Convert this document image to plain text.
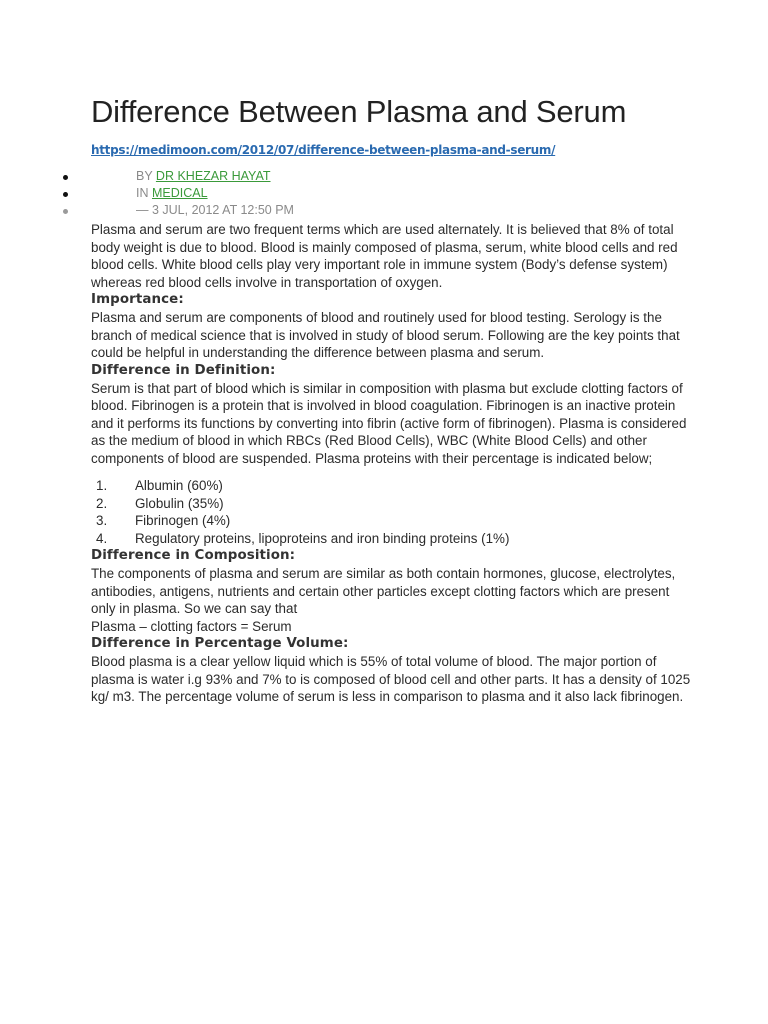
Difference Between Plasma and Serum
https://medimoon.com/2012/07/difference-between-plasma-and-serum/
BY DR KHEZAR HAYAT
IN MEDICAL
— 3 JUL, 2012 AT 12:50 PM

Plasma and serum are two frequent terms which are used alternately. It is believed that 8% of total body weight is due to blood. Blood is mainly composed of plasma, serum, white blood cells and red blood cells. White blood cells play very important role in immune system (Body’s defense system) whereas red blood cells involve in transportation of oxygen.

Importance:

Plasma and serum are components of blood and routinely used for blood testing. Serology is the branch of medical science that is involved in study of blood serum. Following are the key points that could be helpful in understanding the difference between plasma and serum.

Difference in Definition:

Serum is that part of blood which is similar in composition with plasma but exclude clotting factors of blood. Fibrinogen is a protein that is involved in blood coagulation. Fibrinogen is an inactive protein and it performs its functions by converting into fibrin (active form of fibrinogen). Plasma is considered as the medium of blood in which RBCs (Red Blood Cells), WBC (White Blood Cells) and other components of blood are suspended. Plasma proteins with their percentage is indicated below;

1. Albumin (60%)
2. Globulin (35%)
3. Fibrinogen (4%)
4. Regulatory proteins, lipoproteins and iron binding proteins (1%)
Difference in Composition:

The components of plasma and serum are similar as both contain hormones, glucose, electrolytes, antibodies, antigens, nutrients and certain other particles except clotting factors which are present only in plasma. So we can say that

Plasma – clotting factors = Serum

Difference in Percentage Volume:

Blood plasma is a clear yellow liquid which is 55% of total volume of blood. The major portion of plasma is water i.g 93% and 7% to is composed of blood cell and other parts. It has a density of 1025 kg/ m3. The percentage volume of serum is less in comparison to plasma and it also lack fibrinogen.
